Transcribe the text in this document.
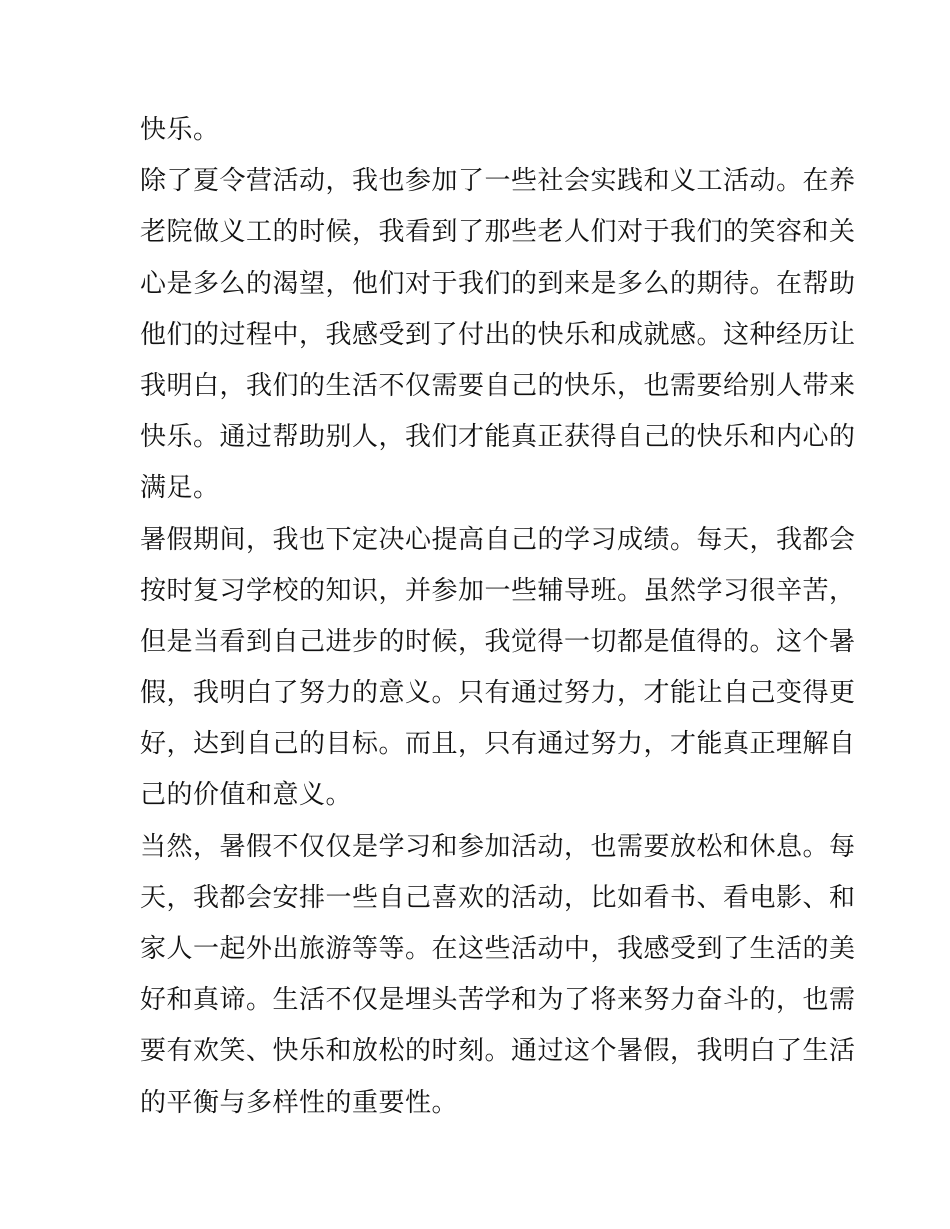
快乐。
除了夏令营活动，我也参加了一些社会实践和义工活动。在养
老院做义工的时候，我看到了那些老人们对于我们的笑容和关
心是多么的渴望，他们对于我们的到来是多么的期待。在帮助
他们的过程中，我感受到了付出的快乐和成就感。这种经历让
我明白，我们的生活不仅需要自己的快乐，也需要给别人带来
快乐。通过帮助别人，我们才能真正获得自己的快乐和内心的
满足。
暑假期间，我也下定决心提高自己的学习成绩。每天，我都会
按时复习学校的知识，并参加一些辅导班。虽然学习很辛苦，
但是当看到自己进步的时候，我觉得一切都是值得的。这个暑
假，我明白了努力的意义。只有通过努力，才能让自己变得更
好，达到自己的目标。而且，只有通过努力，才能真正理解自
己的价值和意义。
当然，暑假不仅仅是学习和参加活动，也需要放松和休息。每
天，我都会安排一些自己喜欢的活动，比如看书、看电影、和
家人一起外出旅游等等。在这些活动中，我感受到了生活的美
好和真谛。生活不仅是埋头苦学和为了将来努力奋斗的，也需
要有欢笑、快乐和放松的时刻。通过这个暑假，我明白了生活
的平衡与多样性的重要性。
